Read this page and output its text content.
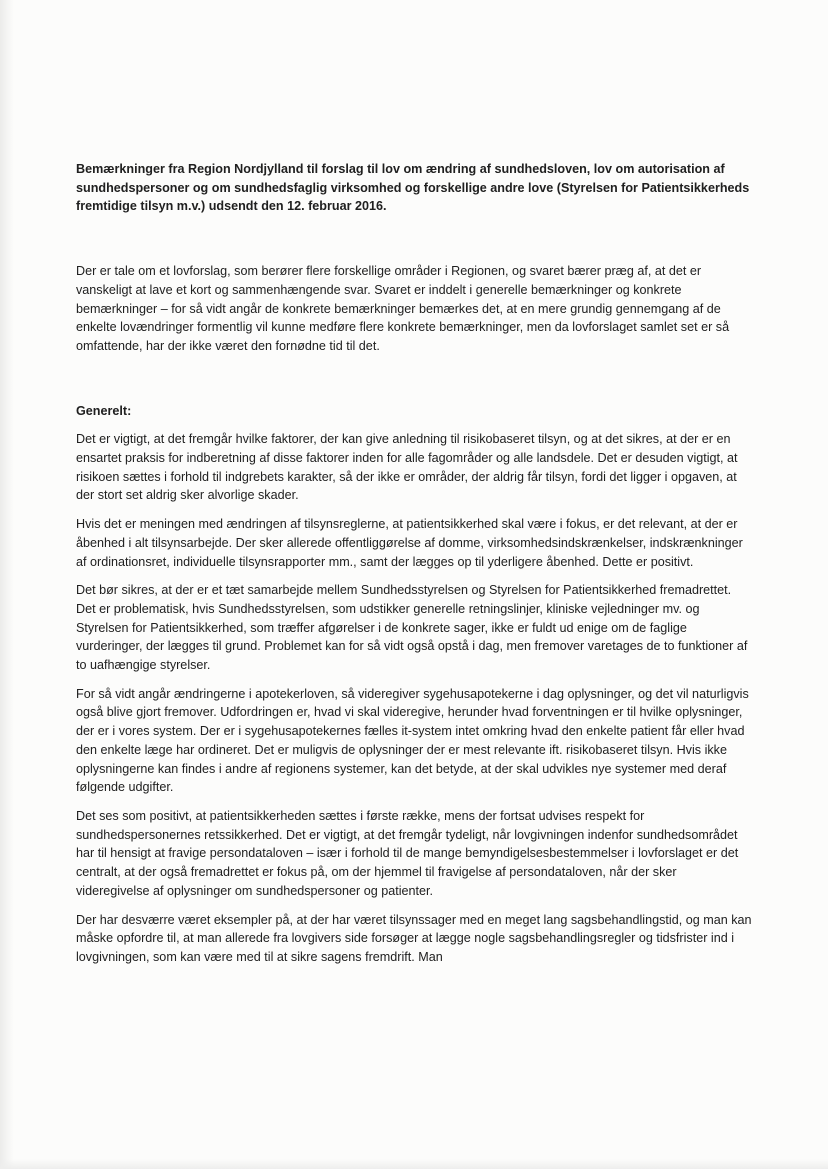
Bemærkninger fra Region Nordjylland til forslag til lov om ændring af sundhedsloven, lov om autorisation af sundhedspersoner og om sundhedsfaglig virksomhed og forskellige andre love (Styrelsen for Patientsikkerheds fremtidige tilsyn m.v.) udsendt den 12. februar 2016.

Der er tale om et lovforslag, som berører flere forskellige områder i Regionen, og svaret bærer præg af, at det er vanskeligt at lave et kort og sammenhængende svar. Svaret er inddelt i generelle bemærkninger og konkrete bemærkninger – for så vidt angår de konkrete bemærkninger bemærkes det, at en mere grundig gennemgang af de enkelte lovændringer formentlig vil kunne medføre flere konkrete bemærkninger, men da lovforslaget samlet set er så omfattende, har der ikke været den fornødne tid til det.

Generelt:

Det er vigtigt, at det fremgår hvilke faktorer, der kan give anledning til risikobaseret tilsyn, og at det sikres, at der er en ensartet praksis for indberetning af disse faktorer inden for alle fagområder og alle landsdele. Det er desuden vigtigt, at risikoen sættes i forhold til indgrebets karakter, så der ikke er områder, der aldrig får tilsyn, fordi det ligger i opgaven, at der stort set aldrig sker alvorlige skader.

Hvis det er meningen med ændringen af tilsynsreglerne, at patientsikkerhed skal være i fokus, er det relevant, at der er åbenhed i alt tilsynsarbejde. Der sker allerede offentliggørelse af domme, virksomhedsindskrænkelser, indskrænkninger af ordinationsret, individuelle tilsynsrapporter mm., samt der lægges op til yderligere åbenhed. Dette er positivt.

Det bør sikres, at der er et tæt samarbejde mellem Sundhedsstyrelsen og Styrelsen for Patientsikkerhed fremadrettet. Det er problematisk, hvis Sundhedsstyrelsen, som udstikker generelle retningslinjer, kliniske vejledninger mv. og Styrelsen for Patientsikkerhed, som træffer afgørelser i de konkrete sager, ikke er fuldt ud enige om de faglige vurderinger, der lægges til grund. Problemet kan for så vidt også opstå i dag, men fremover varetages de to funktioner af to uafhængige styrelser.

For så vidt angår ændringerne i apotekerloven, så videregiver sygehusapotekerne i dag oplysninger, og det vil naturligvis også blive gjort fremover. Udfordringen er, hvad vi skal videregive, herunder hvad forventningen er til hvilke oplysninger, der er i vores system. Der er i sygehusapotekernes fælles it-system intet omkring hvad den enkelte patient får eller hvad den enkelte læge har ordineret. Det er muligvis de oplysninger der er mest relevante ift. risikobaseret tilsyn. Hvis ikke oplysningerne kan findes i andre af regionens systemer, kan det betyde, at der skal udvikles nye systemer med deraf følgende udgifter.

Det ses som positivt, at patientsikkerheden sættes i første række, mens der fortsat udvises respekt for sundhedspersonernes retssikkerhed. Det er vigtigt, at det fremgår tydeligt, når lovgivningen indenfor sundhedsområdet har til hensigt at fravige persondataloven – især i forhold til de mange bemyndigelsesbestemmelser i lovforslaget er det centralt, at der også fremadrettet er fokus på, om der hjemmel til fravigelse af persondataloven, når der sker videregivelse af oplysninger om sundhedspersoner og patienter.

Der har desværre været eksempler på, at der har været tilsynssager med en meget lang sagsbehandlingstid, og man kan måske opfordre til, at man allerede fra lovgivers side forsøger at lægge nogle sagsbehandlingsregler og tidsfrister ind i lovgivningen, som kan være med til at sikre sagens fremdrift. Man
